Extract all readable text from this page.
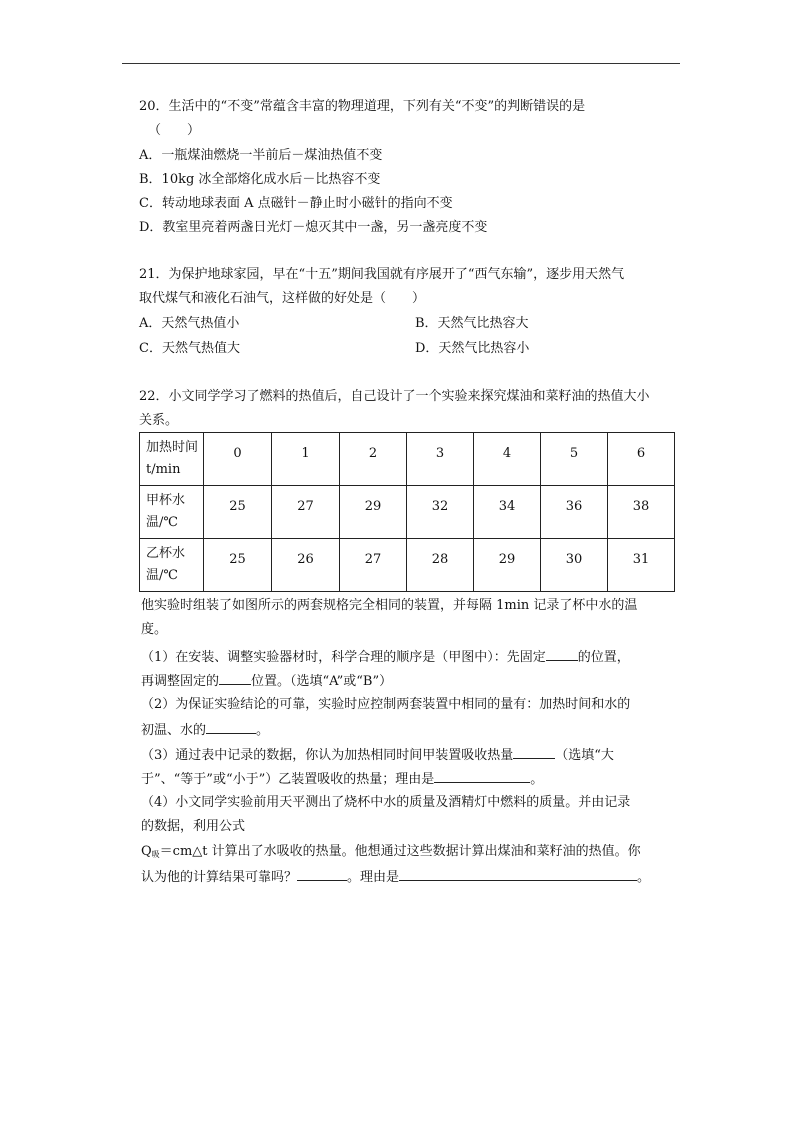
20．生活中的“不变”常蕴含丰富的物理道理，下列有关“不变”的判断错误的是
（　　）
A．一瓶煤油燃烧一半前后－煤油热值不变
B．10kg 冰全部熔化成水后－比热容不变
C．转动地球表面 A 点磁针－静止时小磁针的指向不变
D．教室里亮着两盏日光灯－熄灭其中一盏，另一盏亮度不变
21．为保护地球家园，早在“十五”期间我国就有序展开了“西气东输”，逐步用天然气
取代煤气和液化石油气，这样做的好处是（　　）
A．天然气热值小	B．天然气比热容大
C．天然气热值大	D．天然气比热容小
22．小文同学学习了燃料的热值后，自己设计了一个实验来探究煤油和菜籽油的热值大小
关系。
加热时间
t/min	0	1	2	3	4	5	6
甲杯水
温/℃	25	27	29	32	34	36	38
乙杯水
温/℃	25	26	27	28	29	30	31
他实验时组装了如图所示的两套规格完全相同的装置，并每隔 1min 记录了杯中水的温
度。
（1）在安装、调整实验器材时，科学合理的顺序是（甲图中）：先固定 的位置，
再调整固定的 位置。（选填“A”或“B”）
（2）为保证实验结论的可靠，实验时应控制两套装置中相同的量有：加热时间和水的
初温、水的	。
（3）通过表中记录的数据，你认为加热相同时间甲装置吸收热量	（选填“大
于”、“等于”或“小于”）乙装置吸收的热量；理由是	。
（4）小文同学实验前用天平测出了烧杯中水的质量及酒精灯中燃料的质量。并由记录
的数据，利用公式
$Q_吸=cm\triangle t$ 计算出了水吸收的热量。他想通过这些数据计算出煤油和菜籽油的热值。你
认为他的计算结果可靠吗？	。理由是	。
